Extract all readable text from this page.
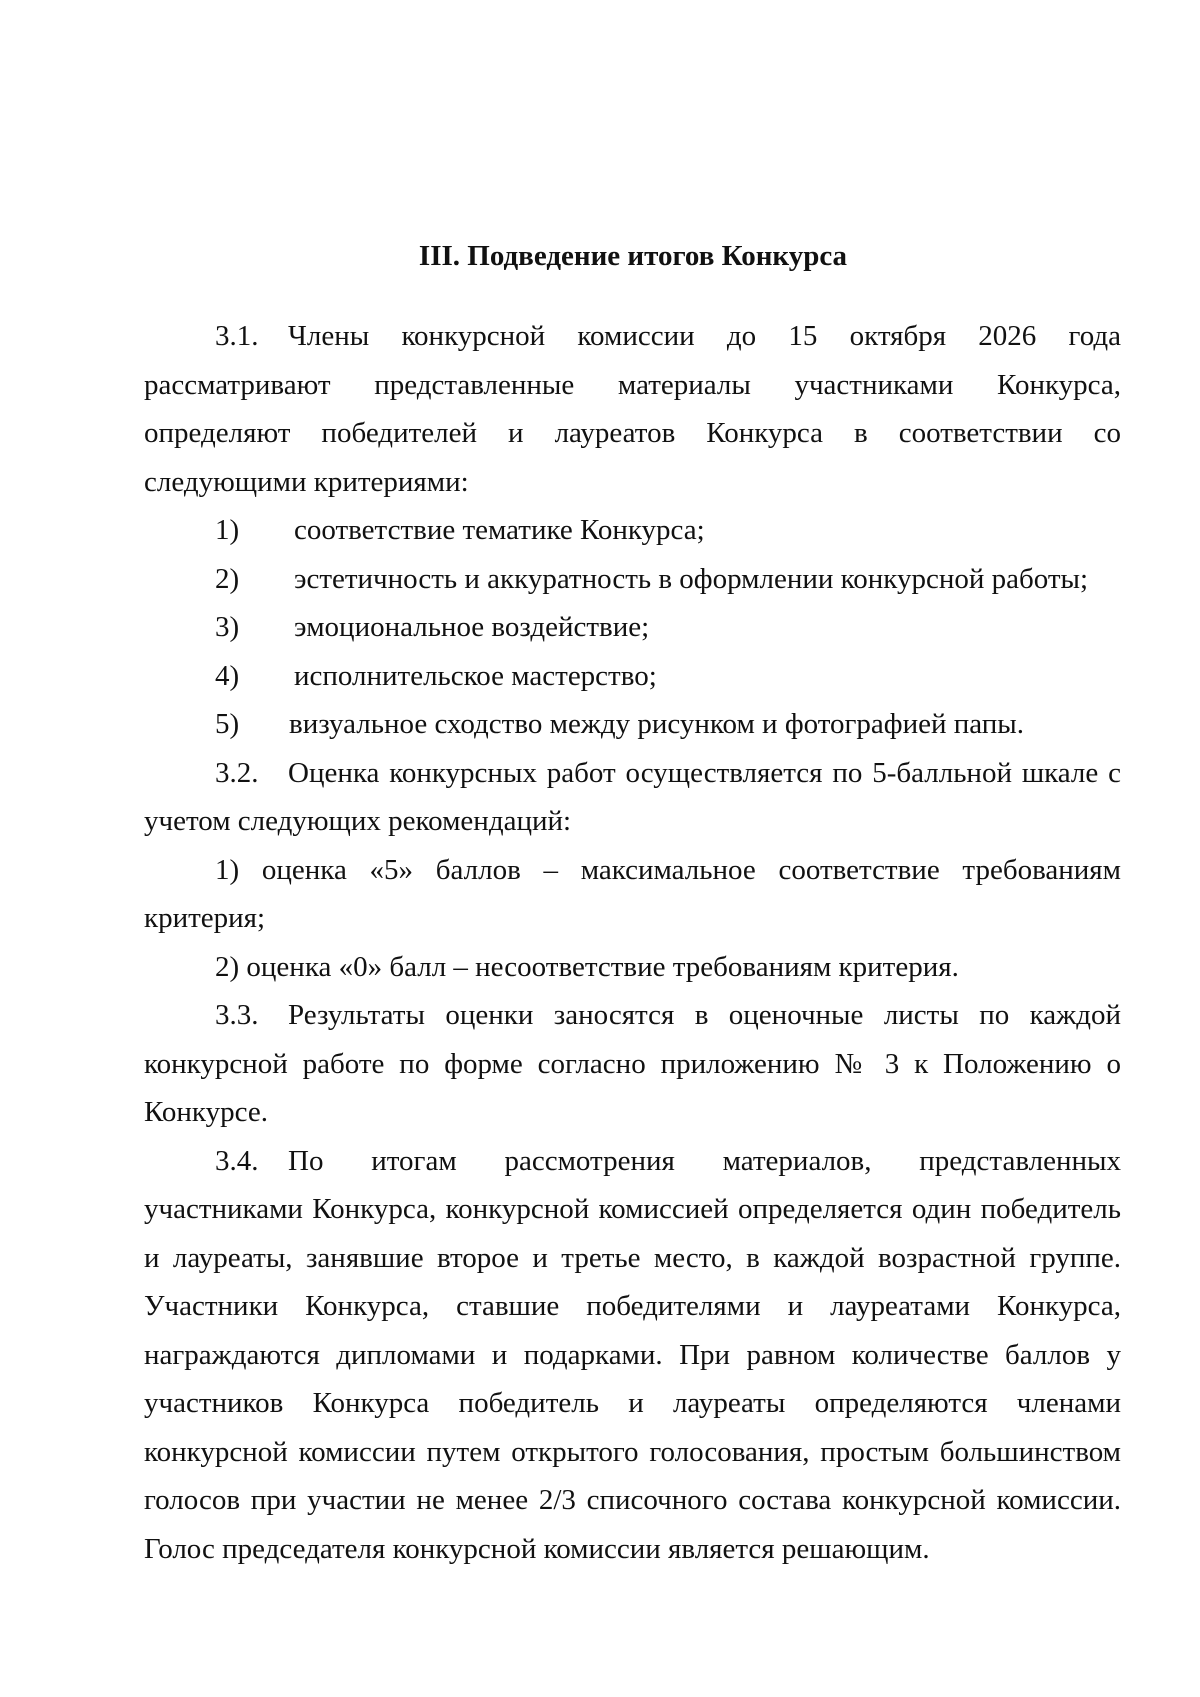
III. Подведение итогов Конкурса

3.1. Члены конкурсной комиссии до 15 октября 2026 года рассматривают представленные материалы участниками Конкурса, определяют победителей и лауреатов Конкурса в соответствии со следующими критериями:

1) соответствие тематике Конкурса;
2) эстетичность и аккуратность в оформлении конкурсной работы;
3) эмоциональное воздействие;
4) исполнительское мастерство;
5) визуальное сходство между рисунком и фотографией папы.

3.2. Оценка конкурсных работ осуществляется по 5-балльной шкале с учетом следующих рекомендаций:

1) оценка «5» баллов – максимальное соответствие требованиям критерия;

2) оценка «0» балл – несоответствие требованиям критерия.

3.3. Результаты оценки заносятся в оценочные листы по каждой конкурсной работе по форме согласно приложению № 3 к Положению о Конкурсе.

3.4. По итогам рассмотрения материалов, представленных участниками Конкурса, конкурсной комиссией определяется один победитель и лауреаты, занявшие второе и третье место, в каждой возрастной группе. Участники Конкурса, ставшие победителями и лауреатами Конкурса, награждаются дипломами и подарками. При равном количестве баллов у участников Конкурса победитель и лауреаты определяются членами конкурсной комиссии путем открытого голосования, простым большинством голосов при участии не менее 2/3 списочного состава конкурсной комиссии. Голос председателя конкурсной комиссии является решающим.
